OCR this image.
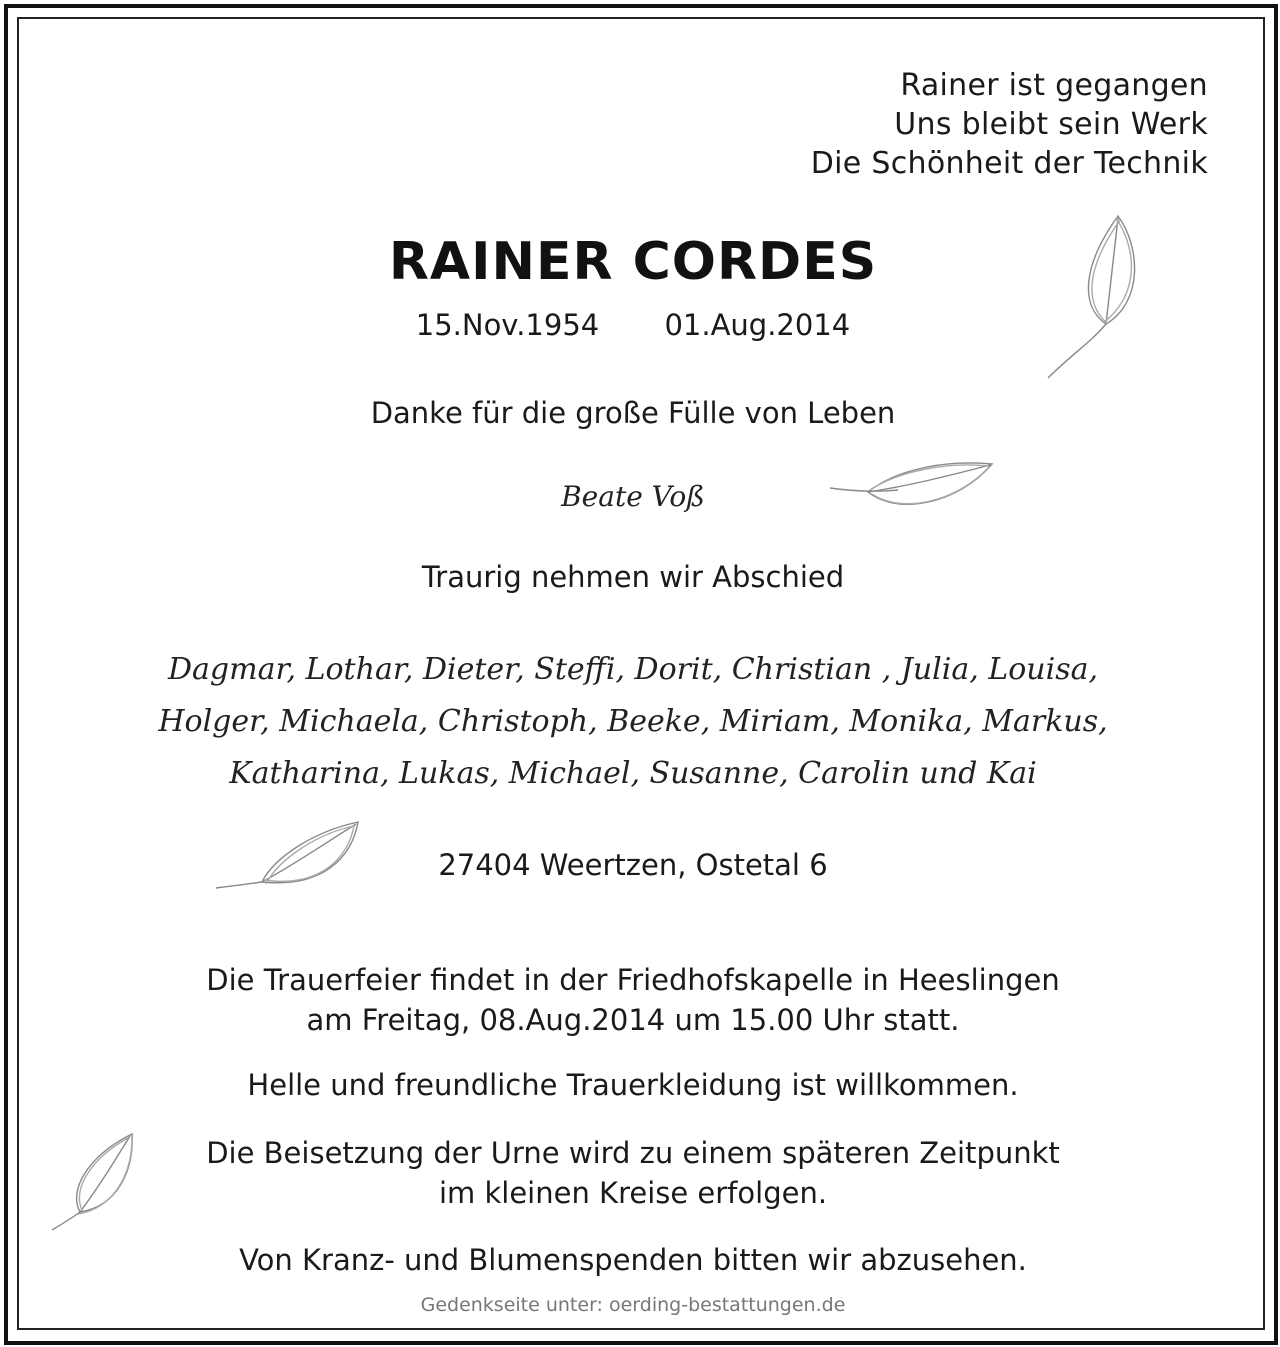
Rainer ist gegangen
Uns bleibt sein Werk
Die Schönheit der Technik
RAINER CORDES
15.Nov.1954 01.Aug.2014
Danke für die große Fülle von Leben
Beate Voß
Traurig nehmen wir Abschied
Dagmar, Lothar, Dieter, Steffi, Dorit, Christian , Julia, Louisa,
Holger, Michaela, Christoph, Beeke, Miriam, Monika, Markus,
Katharina, Lukas, Michael, Susanne, Carolin und Kai
27404 Weertzen, Ostetal 6
Die Trauerfeier findet in der Friedhofskapelle in Heeslingen
am Freitag, 08.Aug.2014 um 15.00 Uhr statt.
Helle und freundliche Trauerkleidung ist willkommen.
Die Beisetzung der Urne wird zu einem späteren Zeitpunkt
im kleinen Kreise erfolgen.
Von Kranz- und Blumenspenden bitten wir abzusehen.
Gedenkseite unter: oerding-bestattungen.de
